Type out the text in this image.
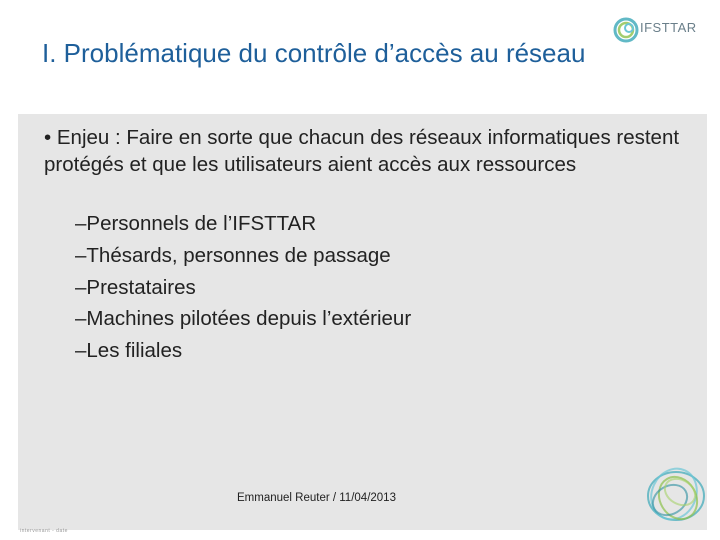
I. Problématique du contrôle d’accès au réseau
IFSTTAR

• Enjeu : Faire en sorte que chacun des réseaux informatiques restent protégés et que les utilisateurs aient accès aux ressources

–Personnels de l’IFSTTAR
–Thésards, personnes de passage
–Prestataires
–Machines pilotées depuis l’extérieur
–Les filiales
Emmanuel Reuter / 11/04/2013
intervenant - date
